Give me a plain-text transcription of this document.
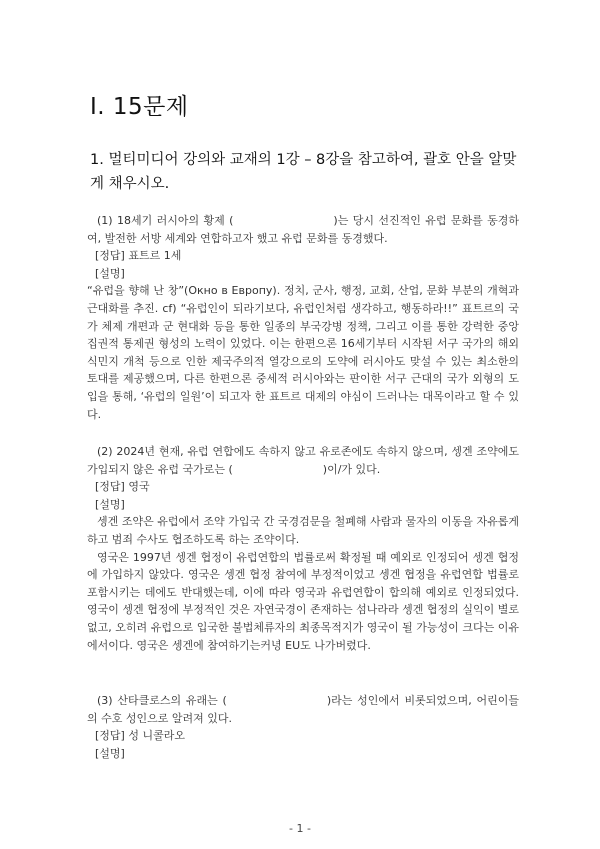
I. 15문제

1. 멀티미디어 강의와 교재의 1강 – 8강을 참고하여, 괄호 안을 알맞게 채우시오.

(1) 18세기 러시아의 황제 (	)는 당시 선진적인 유럽 문화를 동경하여, 발전한 서방 세계와 연합하고자 했고 유럽 문화를 동경했다.

[정답] 표트르 1세

[설명]

“유럽을 향해 난 창”(Окно в Европу). 정치, 군사, 행정, 교회, 산업, 문화 부분의 개혁과 근대화를 추진. cf) “유럽인이 되라기보다, 유럽인처럼 생각하고, 행동하라!!” 표트르의 국가 체제 개편과 군 현대화 등을 통한 일종의 부국강병 정책, 그리고 이를 통한 강력한 중앙집권적 통제권 형성의 노력이 있었다. 이는 한편으론 16세기부터 시작된 서구 국가의 해외식민지 개척 등으로 인한 제국주의적 열강으로의 도약에 러시아도 맞설 수 있는 최소한의 토대를 제공했으며, 다른 한편으론 중세적 러시아와는 판이한 서구 근대의 국가 외형의 도입을 통해, ‘유럽의 일원’이 되고자 한 표트르 대제의 야심이 드러나는 대목이라고 할 수 있다.

(2) 2024년 현재, 유럽 연합에도 속하지 않고 유로존에도 속하지 않으며, 셍겐 조약에도 가입되지 않은 유럽 국가로는 (	)이/가 있다.

[정답] 영국

[설명]

셍겐 조약은 유럽에서 조약 가입국 간 국경검문을 철폐해 사람과 물자의 이동을 자유롭게 하고 범죄 수사도 협조하도록 하는 조약이다.

영국은 1997년 셍겐 협정이 유럽연합의 법률로써 확정될 때 예외로 인정되어 셍겐 협정에 가입하지 않았다. 영국은 셍겐 협정 참여에 부정적이었고 셍겐 협정을 유럽연합 법률로 포함시키는 데에도 반대했는데, 이에 따라 영국과 유럽연합이 합의해 예외로 인정되었다. 영국이 셍겐 협정에 부정적인 것은 자연국경이 존재하는 섬나라라 셍겐 협정의 실익이 별로 없고, 오히려 유럽으로 입국한 불법체류자의 최종목적지가 영국이 될 가능성이 크다는 이유에서이다. 영국은 셍겐에 참여하기는커녕 EU도 나가버렸다.

(3) 산타클로스의 유래는 (	)라는 성인에서 비롯되었으며, 어린이들의 수호 성인으로 알려져 있다.

[정답] 성 니콜라오

[설명]

- 1 -
